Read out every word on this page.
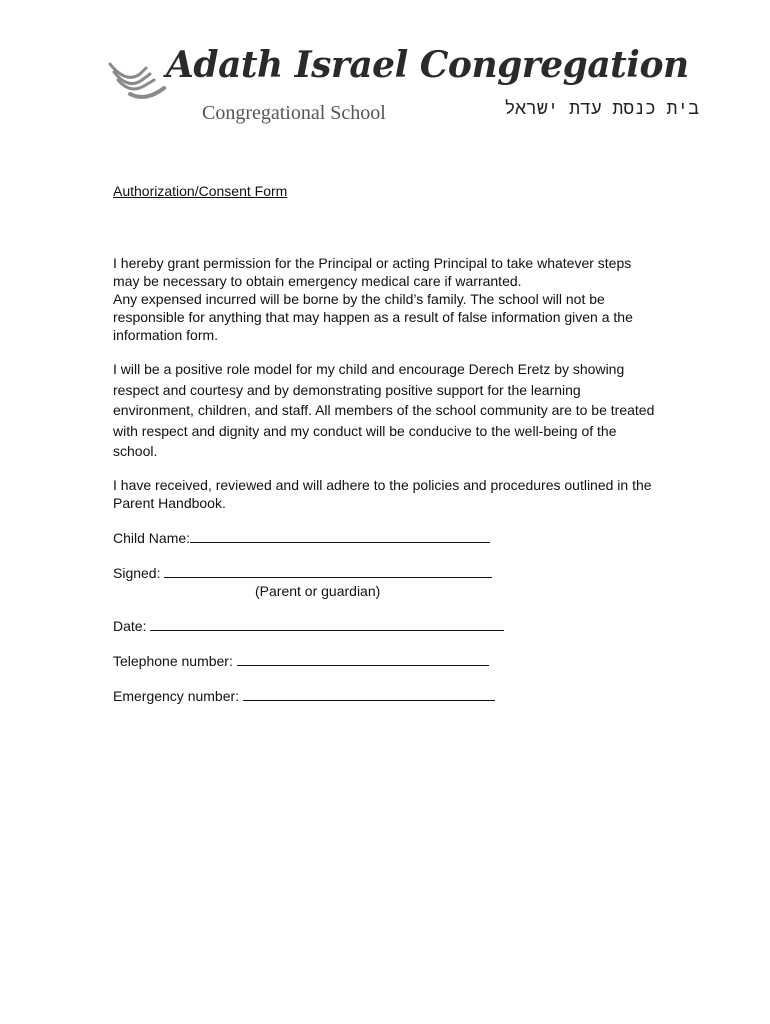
Adath Israel Congregation
Congregational School	בית כנסת עדת ישראל
Authorization/Consent Form

I hereby grant permission for the Principal or acting Principal to take whatever steps may be necessary to obtain emergency medical care if warranted.
Any expensed incurred will be borne by the child’s family. The school will not be responsible for anything that may happen as a result of false information given a the information form.

I will be a positive role model for my child and encourage Derech Eretz by showing respect and courtesy and by demonstrating positive support for the learning environment, children, and staff. All members of the school community are to be treated with respect and dignity and my conduct will be conducive to the well-being of the school.

I have received, reviewed and will adhere to the policies and procedures outlined in the Parent Handbook.

Child Name:
Signed:
(Parent or guardian)
Date:
Telephone number:
Emergency number:
